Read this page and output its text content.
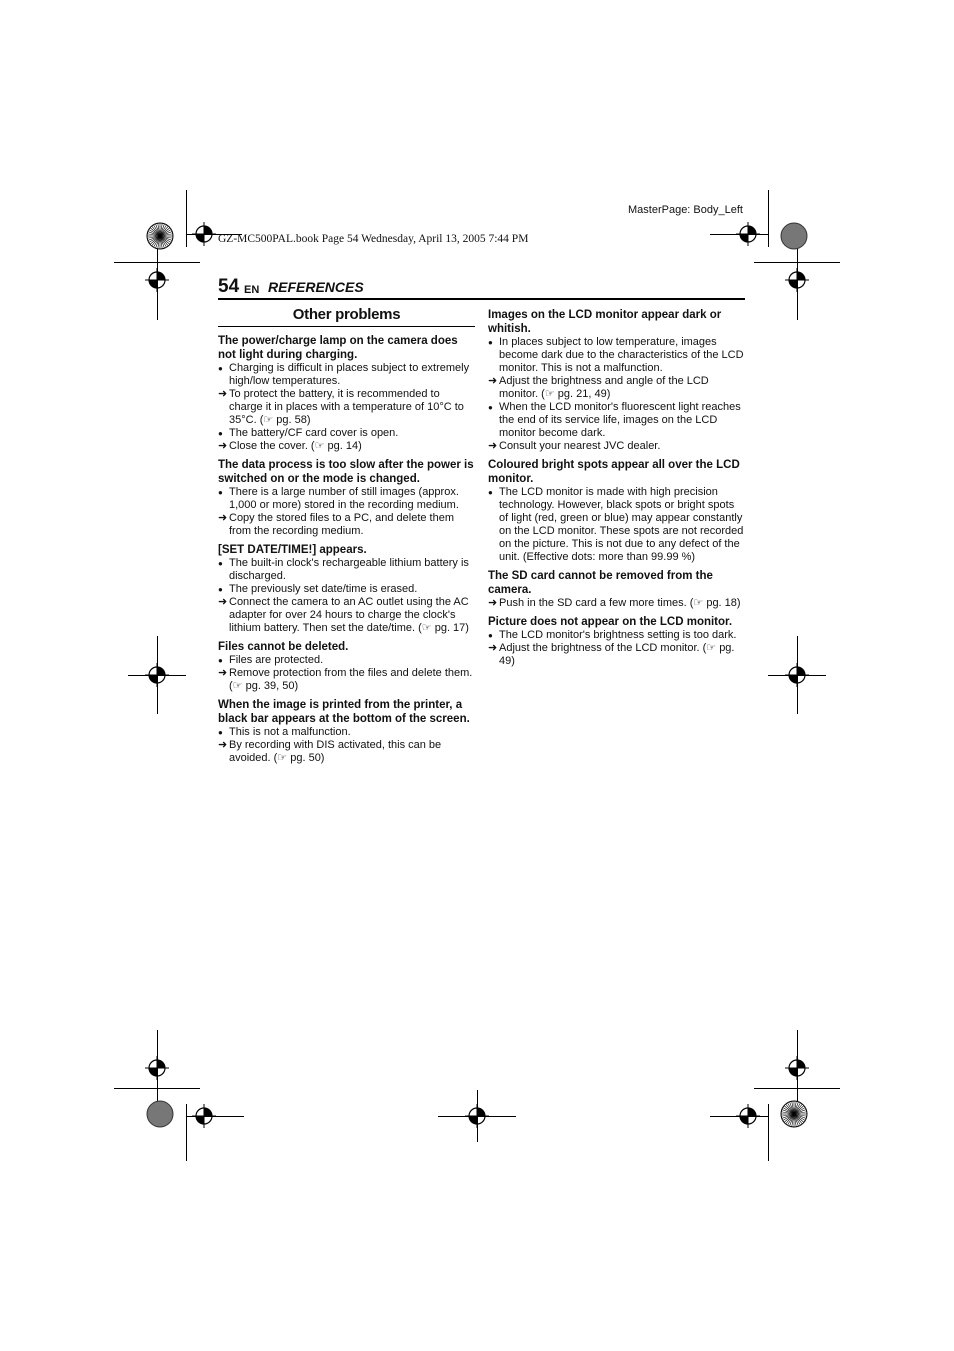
MasterPage: Body_Left
GZ-MC500PAL.book Page 54 Wednesday, April 13, 2005 7:44 PM
54 EN REFERENCES
Other problems

The power/charge lamp on the camera does not light during charging.

● Charging is difficult in places subject to extremely high/low temperatures.

➜ To protect the battery, it is recommended to charge it in places with a temperature of 10°C to 35°C. (☞ pg. 58)

● The battery/CF card cover is open.

➜ Close the cover. (☞ pg. 14)

The data process is too slow after the power is switched on or the mode is changed.

● There is a large number of still images (approx. 1,000 or more) stored in the recording medium.

➜ Copy the stored files to a PC, and delete them from the recording medium.

[SET DATE/TIME!] appears.

● The built-in clock's rechargeable lithium battery is discharged.

● The previously set date/time is erased.

➜ Connect the camera to an AC outlet using the AC adapter for over 24 hours to charge the clock's lithium battery. Then set the date/time. (☞ pg. 17)

Files cannot be deleted.

● Files are protected.

➜ Remove protection from the files and delete them. (☞ pg. 39, 50)

When the image is printed from the printer, a black bar appears at the bottom of the screen.

● This is not a malfunction.

➜ By recording with DIS activated, this can be avoided. (☞ pg. 50)

Images on the LCD monitor appear dark or whitish.

● In places subject to low temperature, images become dark due to the characteristics of the LCD monitor. This is not a malfunction.

➜ Adjust the brightness and angle of the LCD monitor. (☞ pg. 21, 49)

● When the LCD monitor's fluorescent light reaches the end of its service life, images on the LCD monitor become dark.

➜ Consult your nearest JVC dealer.

Coloured bright spots appear all over the LCD monitor.

● The LCD monitor is made with high precision technology. However, black spots or bright spots of light (red, green or blue) may appear constantly on the LCD monitor. These spots are not recorded on the picture. This is not due to any defect of the unit. (Effective dots: more than 99.99 %)

The SD card cannot be removed from the camera.

➜ Push in the SD card a few more times. (☞ pg. 18)

Picture does not appear on the LCD monitor.

● The LCD monitor's brightness setting is too dark.

➜ Adjust the brightness of the LCD monitor. (☞ pg. 49)
